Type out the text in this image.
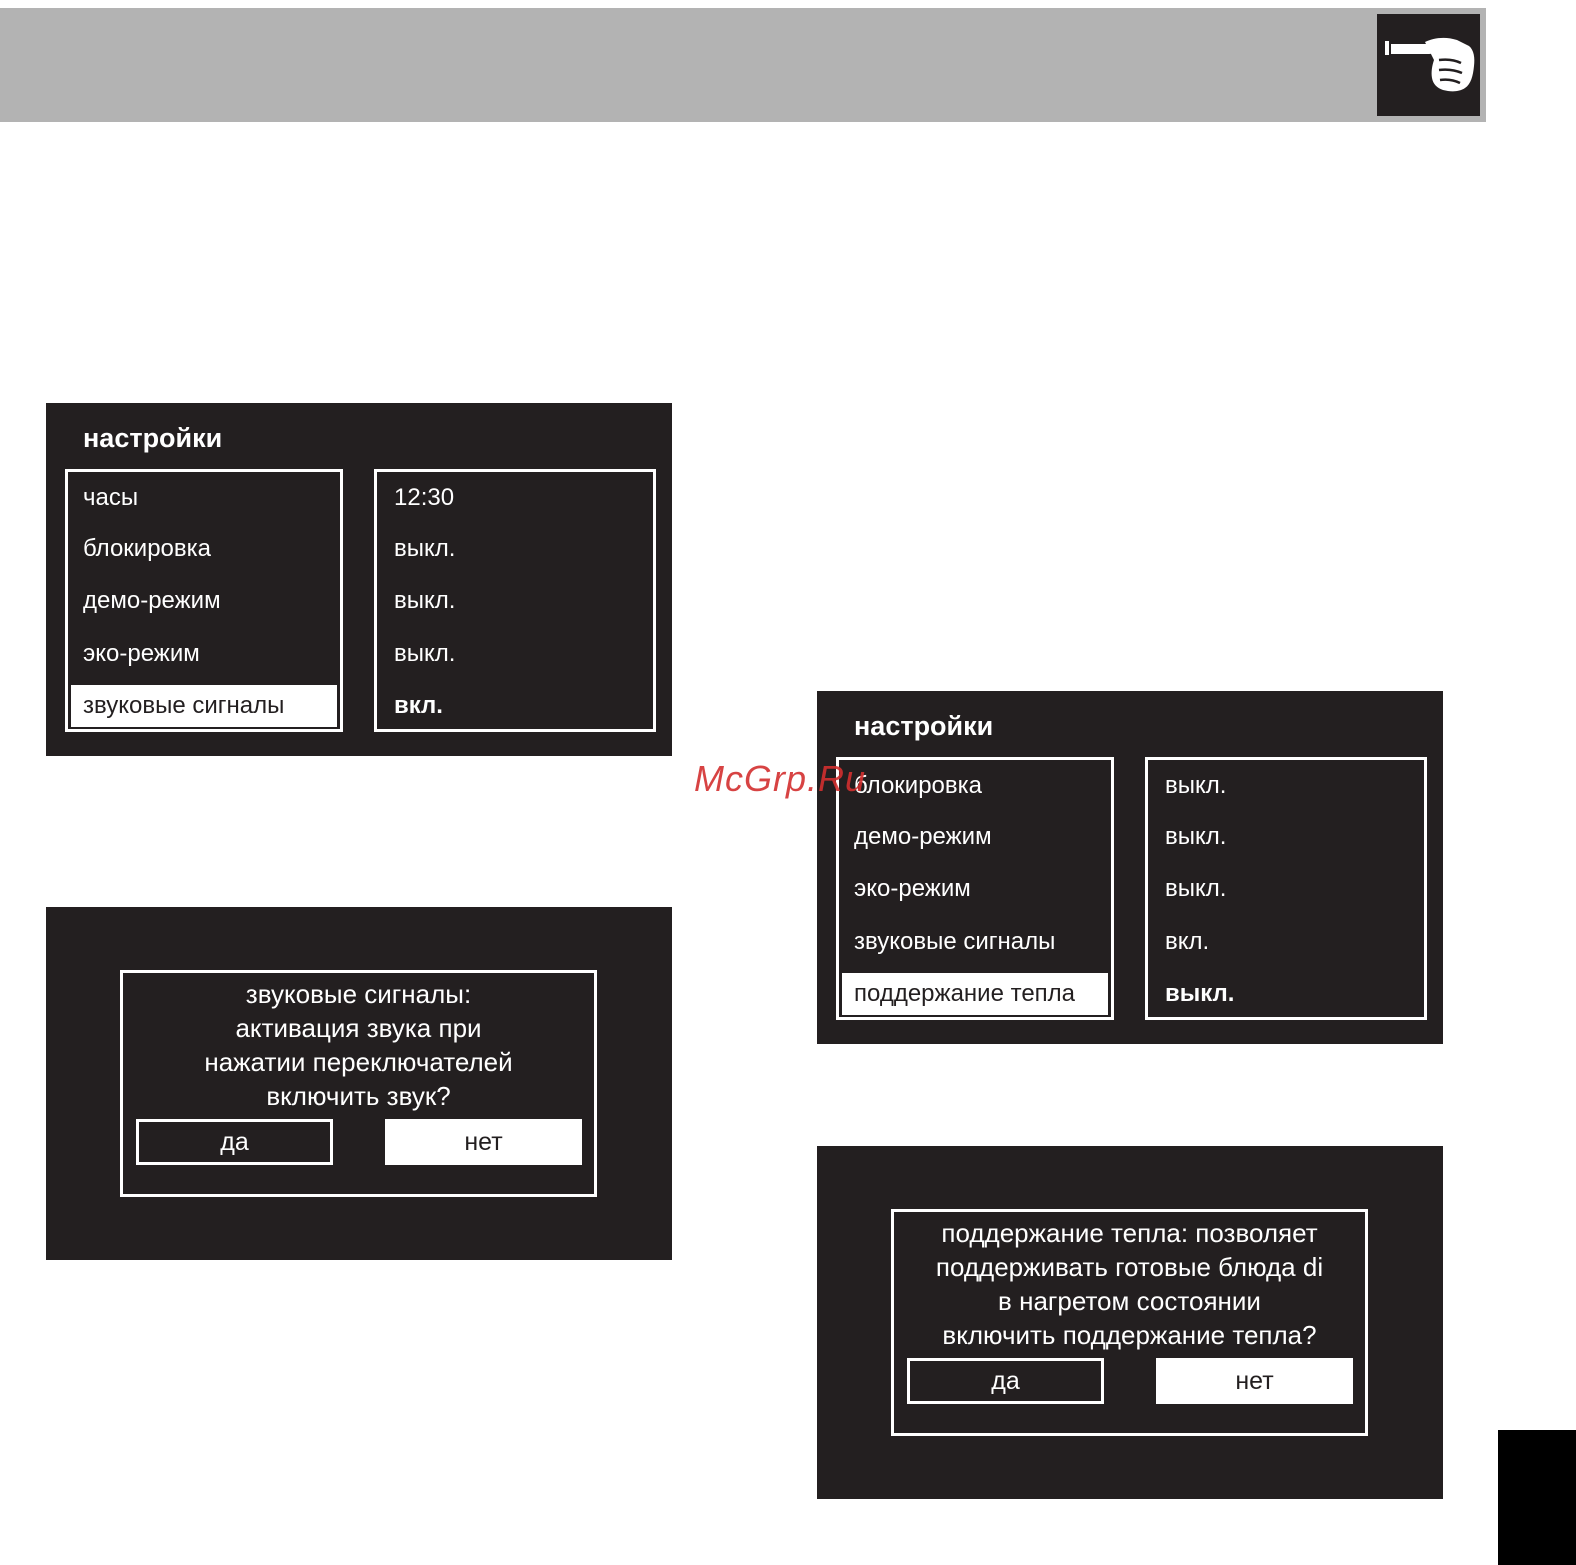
настройки
часы
блокировка
демо-режим
эко-режим
звуковые сигналы
12:30
выкл.
выкл.
выкл.
вкл.
звуковые сигналы:
активация звука при
нажатии переключателей
включить звук?
да	нет
настройки
блокировка
демо-режим
эко-режим
звуковые сигналы
поддержание тепла
выкл.
выкл.
выкл.
вкл.
выкл.
поддержание тепла: позволяет
поддерживать готовые блюда di
в нагретом состоянии
включить поддержание тепла?
да	нет
McGrp.Ru
